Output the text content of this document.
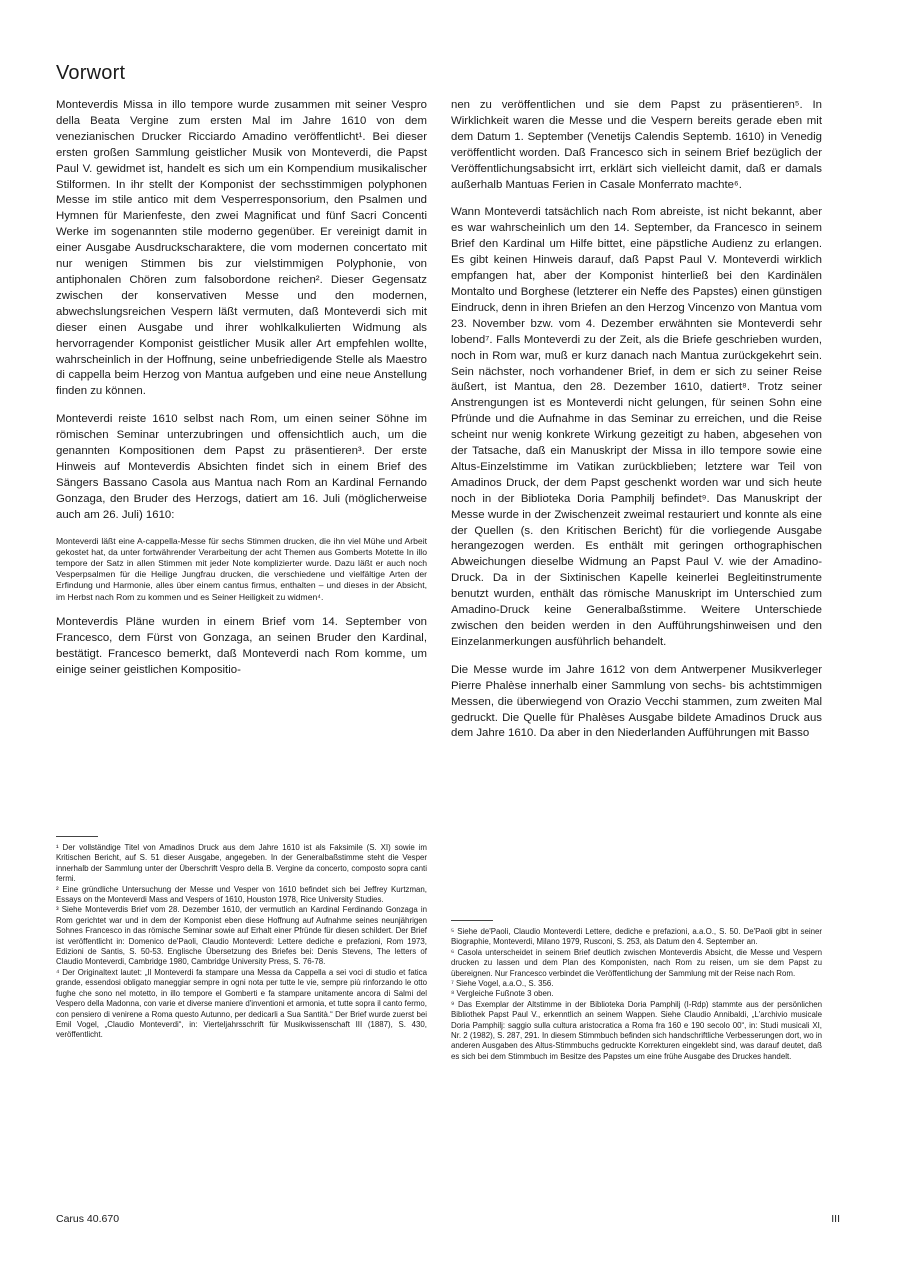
Vorwort

Monteverdis Missa in illo tempore wurde zusammen mit seiner Vespro della Beata Vergine zum ersten Mal im Jahre 1610 von dem venezianischen Drucker Ricciardo Amadino veröffentlicht¹. Bei dieser ersten großen Sammlung geistlicher Musik von Monteverdi, die Papst Paul V. gewidmet ist, handelt es sich um ein Kompendium musikalischer Stilformen. In ihr stellt der Komponist der sechsstimmigen polyphonen Messe im stile antico mit dem Vesperresponsorium, den Psalmen und Hymnen für Marienfeste, den zwei Magnificat und fünf Sacri Concenti Werke im sogenannten stile moderno gegenüber. Er vereinigt damit in einer Ausgabe Ausdruckscharaktere, die vom modernen concertato mit nur wenigen Stimmen bis zur vielstimmigen Polyphonie, von antiphonalen Chören zum falsobordone reichen². Dieser Gegensatz zwischen der konservativen Messe und den modernen, abwechslungsreichen Vespern läßt vermuten, daß Monteverdi sich mit dieser einen Ausgabe und ihrer wohlkalkulierten Widmung als hervorragender Komponist geistlicher Musik aller Art empfehlen wollte, wahrscheinlich in der Hoffnung, seine unbefriedigende Stelle als Maestro di cappella beim Herzog von Mantua aufgeben und eine neue Anstellung finden zu können.

Monteverdi reiste 1610 selbst nach Rom, um einen seiner Söhne im römischen Seminar unterzubringen und offensichtlich auch, um die genannten Kompositionen dem Papst zu präsentieren³. Der erste Hinweis auf Monteverdis Absichten findet sich in einem Brief des Sängers Bassano Casola aus Mantua nach Rom an Kardinal Fernando Gonzaga, den Bruder des Herzogs, datiert am 16. Juli (möglicherweise auch am 26. Juli) 1610:

Monteverdi läßt eine A-cappella-Messe für sechs Stimmen drucken, die ihn viel Mühe und Arbeit gekostet hat, da unter fortwährender Verarbeitung der acht Themen aus Gomberts Motette In illo tempore der Satz in allen Stimmen mit jeder Note komplizierter wurde. Dazu läßt er auch noch Vesperpsalmen für die Heilige Jungfrau drucken, die verschiedene und vielfältige Arten der Erfindung und Harmonie, alles über einem cantus firmus, enthalten – und dieses in der Absicht, im Herbst nach Rom zu kommen und es Seiner Heiligkeit zu widmen⁴.

Monteverdis Pläne wurden in einem Brief vom 14. September von Francesco, dem Fürst von Gonzaga, an seinen Bruder den Kardinal, bestätigt. Francesco bemerkt, daß Monteverdi nach Rom komme, um einige seiner geistlichen Kompositio-

nen zu veröffentlichen und sie dem Papst zu präsentieren⁵. In Wirklichkeit waren die Messe und die Vespern bereits gerade eben mit dem Datum 1. September (Venetijs Calendis Septemb. 1610) in Venedig veröffentlicht worden. Daß Francesco sich in seinem Brief bezüglich der Veröffentlichungsabsicht irrt, erklärt sich vielleicht damit, daß er damals außerhalb Mantuas Ferien in Casale Monferrato machte⁶.

Wann Monteverdi tatsächlich nach Rom abreiste, ist nicht bekannt, aber es war wahrscheinlich um den 14. September, da Francesco in seinem Brief den Kardinal um Hilfe bittet, eine päpstliche Audienz zu erlangen. Es gibt keinen Hinweis darauf, daß Papst Paul V. Monteverdi wirklich empfangen hat, aber der Komponist hinterließ bei den Kardinälen Montalto und Borghese (letzterer ein Neffe des Papstes) einen günstigen Eindruck, denn in ihren Briefen an den Herzog Vincenzo von Mantua vom 23. November bzw. vom 4. Dezember erwähnten sie Monteverdi sehr lobend⁷. Falls Monteverdi zu der Zeit, als die Briefe geschrieben wurden, noch in Rom war, muß er kurz danach nach Mantua zurückgekehrt sein. Sein nächster, noch vorhandener Brief, in dem er sich zu seiner Reise äußert, ist Mantua, den 28. Dezember 1610, datiert⁸. Trotz seiner Anstrengungen ist es Monteverdi nicht gelungen, für seinen Sohn eine Pfründe und die Aufnahme in das Seminar zu erreichen, und die Reise scheint nur wenig konkrete Wirkung gezeitigt zu haben, abgesehen von der Tatsache, daß ein Manuskript der Missa in illo tempore sowie eine Altus-Einzelstimme im Vatikan zurückblieben; letztere war Teil von Amadinos Druck, der dem Papst geschenkt worden war und sich heute noch in der Biblioteka Doria Pamphilj befindet⁹. Das Manuskript der Messe wurde in der Zwischenzeit zweimal restauriert und konnte als eine der Quellen (s. den Kritischen Bericht) für die vorliegende Ausgabe herangezogen werden. Es enthält mit geringen orthographischen Abweichungen dieselbe Widmung an Papst Paul V. wie der Amadino-Druck. Da in der Sixtinischen Kapelle keinerlei Begleitinstrumente benutzt wurden, enthält das römische Manuskript im Unterschied zum Amadino-Druck keine Generalbaßstimme. Weitere Unterschiede zwischen den beiden werden in den Aufführungshinweisen und den Einzelanmerkungen ausführlich behandelt.

Die Messe wurde im Jahre 1612 von dem Antwerpener Musikverleger Pierre Phalèse innerhalb einer Sammlung von sechs- bis achtstimmigen Messen, die überwiegend von Orazio Vecchi stammen, zum zweiten Mal gedruckt. Die Quelle für Phalèses Ausgabe bildete Amadinos Druck aus dem Jahre 1610. Da aber in den Niederlanden Aufführungen mit Basso

¹ Der vollständige Titel von Amadinos Druck aus dem Jahre 1610 ist als Faksimile (S. XI) sowie im Kritischen Bericht, auf S. 51 dieser Ausgabe, angegeben. In der Generalbaßstimme steht die Vesper innerhalb der Sammlung unter der Überschrift Vespro della B. Vergine da concerto, composto sopra canti fermi.

² Eine gründliche Untersuchung der Messe und Vesper von 1610 befindet sich bei Jeffrey Kurtzman, Essays on the Monteverdi Mass and Vespers of 1610, Houston 1978, Rice University Studies.

³ Siehe Monteverdis Brief vom 28. Dezember 1610, der vermutlich an Kardinal Ferdinando Gonzaga in Rom gerichtet war und in dem der Komponist eben diese Hoffnung auf Aufnahme seines neunjährigen Sohnes Francesco in das römische Seminar sowie auf Erhalt einer Pfründe für diesen schildert. Der Brief ist veröffentlicht in: Domenico de'Paoli, Claudio Monteverdi: Lettere dediche e prefazioni, Rom 1973, Edizioni de Santis, S. 50-53. Englische Übersetzung des Briefes bei: Denis Stevens, The letters of Claudio Monteverdi, Cambridge 1980, Cambridge University Press, S. 76-78.

⁴ Der Originaltext lautet: „Il Monteverdi fa stampare una Messa da Cappella a sei voci di studio et fatica grande, essendosi obligato maneggiar sempre in ogni nota per tutte le vie, sempre più rinforzando le otto fughe che sono nel motetto, in illo tempore el Gomberti e fa stampare unitamente ancora di Salmi del Vespero della Madonna, con varie et diverse maniere d'inventioni et armonia, et tutte sopra il canto fermo, con pensiero di venirene a Roma questo Autunno, per dedicarli a Sua Santità.“ Der Brief wurde zuerst bei Emil Vogel, „Claudio Monteverdi“, in: Vierteljahrsschrift für Musikwissenschaft III (1887), S. 430, veröffentlicht.

⁵ Siehe de'Paoli, Claudio Monteverdi Lettere, dediche e prefazioni, a.a.O., S. 50. De'Paoli gibt in seiner Biographie, Monteverdi, Milano 1979, Rusconi, S. 253, als Datum den 4. September an.

⁶ Casola unterscheidet in seinem Brief deutlich zwischen Monteverdis Absicht, die Messe und Vespern drucken zu lassen und dem Plan des Komponisten, nach Rom zu reisen, um sie dem Papst zu übereignen. Nur Francesco verbindet die Veröffentlichung der Sammlung mit der Reise nach Rom.

⁷ Siehe Vogel, a.a.O., S. 356.

⁸ Vergleiche Fußnote 3 oben.

⁹ Das Exemplar der Altstimme in der Biblioteka Doria Pamphilj (I-Rdp) stammte aus der persönlichen Bibliothek Papst Paul V., erkenntlich an seinem Wappen. Siehe Claudio Annibaldi, „L'archivio musicale Doria Pamphilj: saggio sulla cultura aristocratica a Roma fra 160 e 190 secolo 00“, in: Studi musicali XI, Nr. 2 (1982), S. 287, 291. In diesem Stimmbuch befinden sich handschriftliche Verbesserungen dort, wo in anderen Ausgaben des Altus-Stimmbuchs gedruckte Korrekturen eingeklebt sind, was darauf deutet, daß es sich bei dem Stimmbuch im Besitze des Papstes um eine frühe Ausgabe des Druckes handelt.

Carus 40.670	III
